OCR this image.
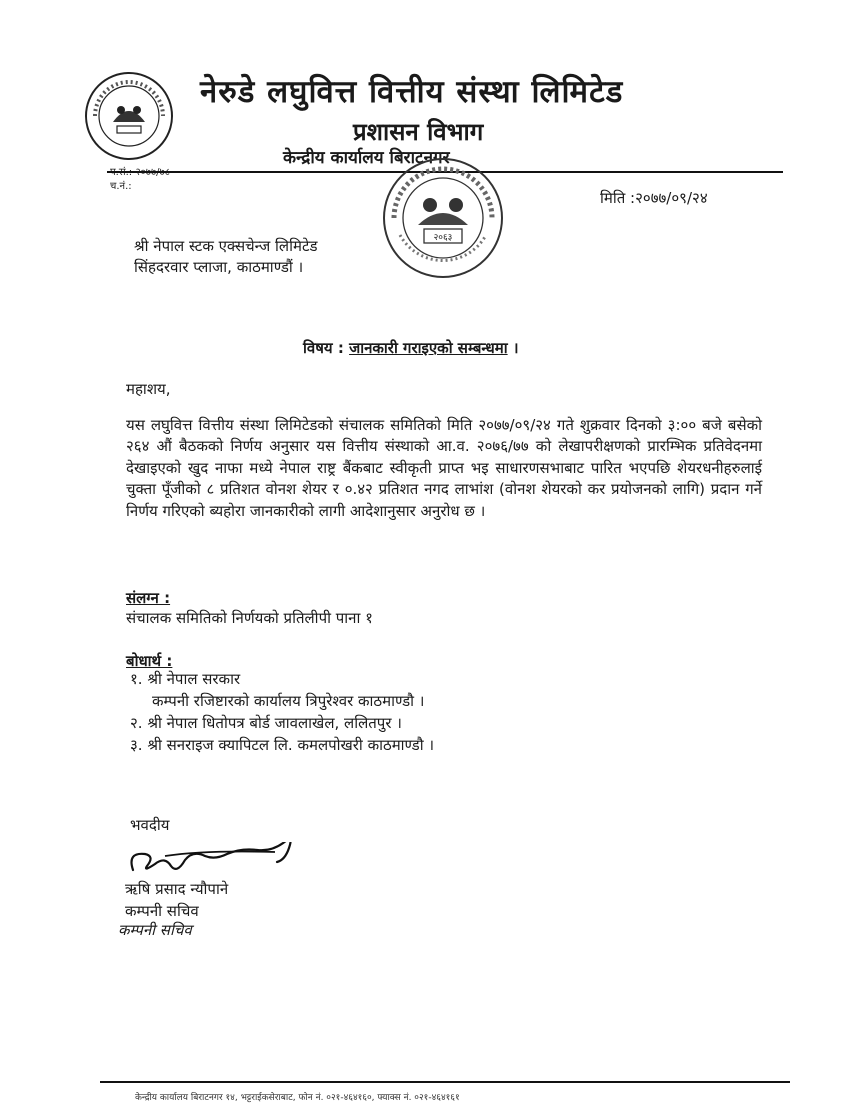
नेरुडे लघुवित्त वित्तीय संस्था लिमिटेड
प्रशासन विभाग
केन्द्रीय कार्यालय बिराटनगर
च.नं.:
२०६३
मिति :२०७७/०९/२४
श्री नेपाल स्टक एक्सचेन्ज लिमिटेड
सिंहदरवार प्लाजा, काठमाण्डौं ।
विषय : जानकारी गराइएको सम्बन्धमा ।
महाशय,
यस लघुवित्त वित्तीय संस्था लिमिटेडको संचालक समितिको मिति २०७७/०९/२४ गते शुक्रवार दिनको ३:०० बजे बसेको २६४ औं बैठकको निर्णय अनुसार यस वित्तीय संस्थाको आ.व. २०७६/७७ को लेखापरीक्षणको प्रारम्भिक प्रतिवेदनमा देखाइएको खुद नाफा मध्ये नेपाल राष्ट्र बैंकबाट स्वीकृती प्राप्त भइ साधारणसभाबाट पारित भएपछि शेयरधनीहरुलाई चुक्ता पूँजीको ८ प्रतिशत वोनश शेयर र ०.४२ प्रतिशत नगद लाभांश (वोनश शेयरको कर प्रयोजनको लागि) प्रदान गर्ने निर्णय गरिएको ब्यहोरा जानकारीको लागी आदेशानुसार अनुरोध छ ।
संलग्न :
संचालक समितिको निर्णयको प्रतिलीपी पाना १
बोधार्थ :
१. श्री नेपाल सरकार
कम्पनी रजिष्टारको कार्यालय त्रिपुरेश्वर काठमाण्डौ ।
२. श्री नेपाल धितोपत्र बोर्ड जावलाखेल, ललितपुर ।
३. श्री सनराइज क्यापिटल लि. कमलपोखरी काठमाण्डौ ।
भवदीय
ऋषि प्रसाद न्यौपाने
कम्पनी सचिव
कम्पनी सचिव
केन्द्रीय कार्यालय बिराटनगर १४, भट्टराईकसेराबाट, फोन नं. ०२१-४६४१६०, फ्याक्स नं. ०२१-४६४१६१
